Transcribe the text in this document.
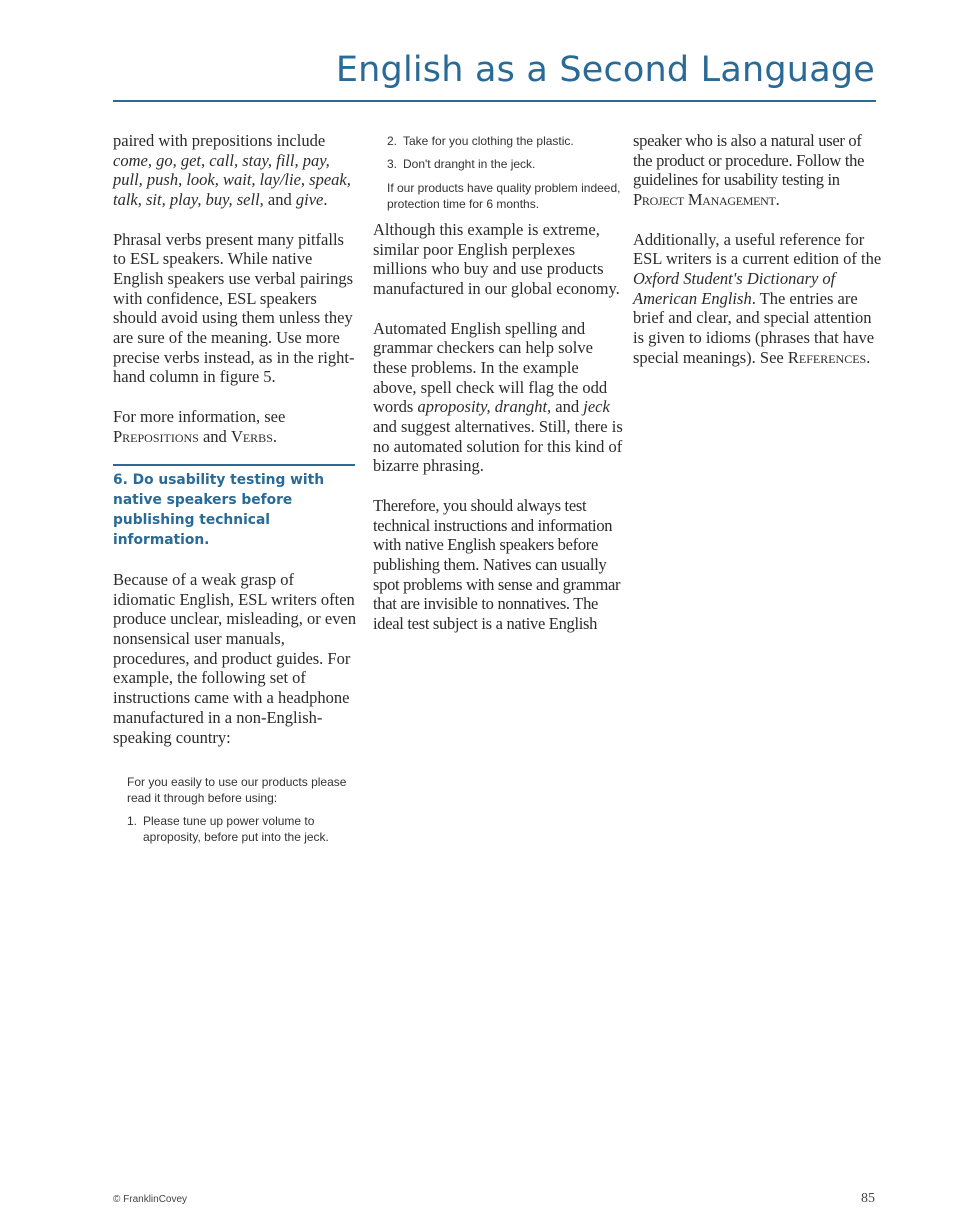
English as a Second Language

paired with prepositions include come, go, get, call, stay, fill, pay, pull, push, look, wait, lay/lie, speak, talk, sit, play, buy, sell, and give.

Phrasal verbs present many pitfalls to ESL speakers. While native English speakers use verbal pairings with confidence, ESL speakers should avoid using them unless they are sure of the meaning. Use more precise verbs instead, as in the right-hand column in figure 5.

For more information, see Prepositions and Verbs.

6. Do usability testing with native speakers before publishing technical information.

Because of a weak grasp of idiomatic English, ESL writers often produce unclear, misleading, or even nonsensical user manuals, procedures, and product guides. For example, the following set of instructions came with a headphone manufactured in a non-English-speaking country:

For you easily to use our products please read it through before using:

1. Please tune up power volume to aproposity, before put into the jeck.
2. Take for you clothing the plastic.
3. Don't dranght in the jeck.

If our products have quality problem indeed, protection time for 6 months.

Although this example is extreme, similar poor English perplexes millions who buy and use products manufactured in our global economy.

Automated English spelling and grammar checkers can help solve these problems. In the example above, spell check will flag the odd words aproposity, dranght, and jeck and suggest alternatives. Still, there is no automated solution for this kind of bizarre phrasing.

Therefore, you should always test technical instructions and information with native English speakers before publishing them. Natives can usually spot problems with sense and grammar that are invisible to nonnatives. The ideal test subject is a native English

speaker who is also a natural user of the product or procedure. Follow the guidelines for usability testing in Project Management.

Additionally, a useful reference for ESL writers is a current edition of the Oxford Student's Dictionary of American English. The entries are brief and clear, and special attention is given to idioms (phrases that have special meanings). See References.

© FranklinCovey	85
